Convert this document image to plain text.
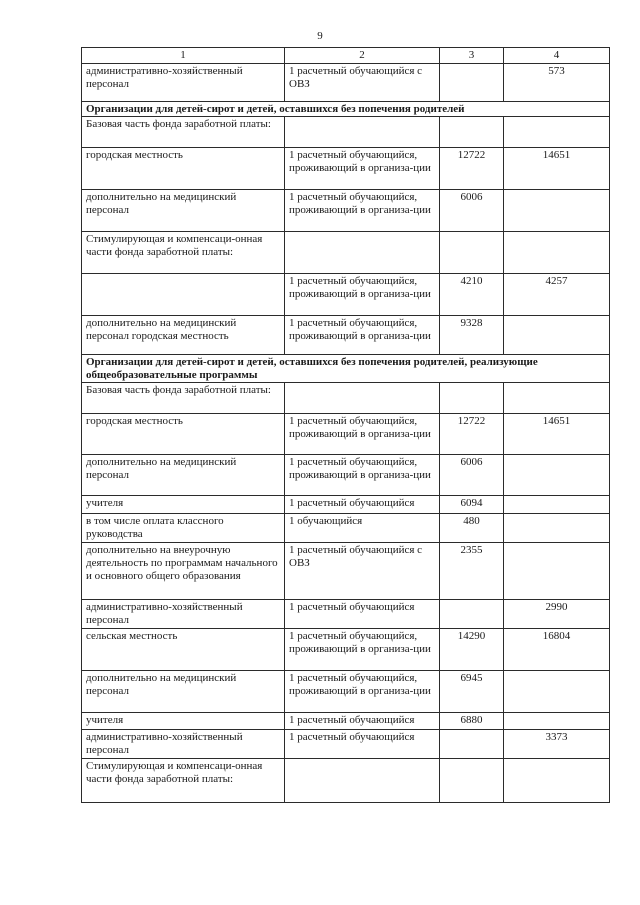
9
1	2	3	4
административно-хозяйственный персонал	1 расчетный обучающийся с ОВЗ		573
Организации для детей-сирот и детей, оставшихся без попечения родителей			
Базовая часть фонда заработной платы:			
городская местность	1 расчетный обучающийся, проживающий в организа-ции	12722	14651
дополнительно на медицинский персонал	1 расчетный обучающийся, проживающий в организа-ции	6006	
Стимулирующая и компенсаци-онная части фонда заработной платы:			
	1 расчетный обучающийся, проживающий в организа-ции	4210	4257
дополнительно на медицинский персонал городская местность	1 расчетный обучающийся, проживающий в организа-ции	9328	
Организации для детей-сирот и детей, оставшихся без попечения родителей, реализующие общеобразовательные программы			
Базовая часть фонда заработной платы:			
городская местность	1 расчетный обучающийся, проживающий в организа-ции	12722	14651
дополнительно на медицинский персонал	1 расчетный обучающийся, проживающий в организа-ции	6006	
учителя	1 расчетный обучающийся	6094	
в том числе оплата классного руководства	1 обучающийся	480	
дополнительно на внеурочную деятельность по программам начального и основного общего образования	1 расчетный обучающийся с ОВЗ	2355	
административно-хозяйственный персонал	1 расчетный обучающийся		2990
сельская местность	1 расчетный обучающийся, проживающий в организа-ции	14290	16804
дополнительно на медицинский персонал	1 расчетный обучающийся, проживающий в организа-ции	6945	
учителя	1 расчетный обучающийся	6880	
административно-хозяйственный персонал	1 расчетный обучающийся		3373
Стимулирующая и компенсаци-онная части фонда заработной платы:			
